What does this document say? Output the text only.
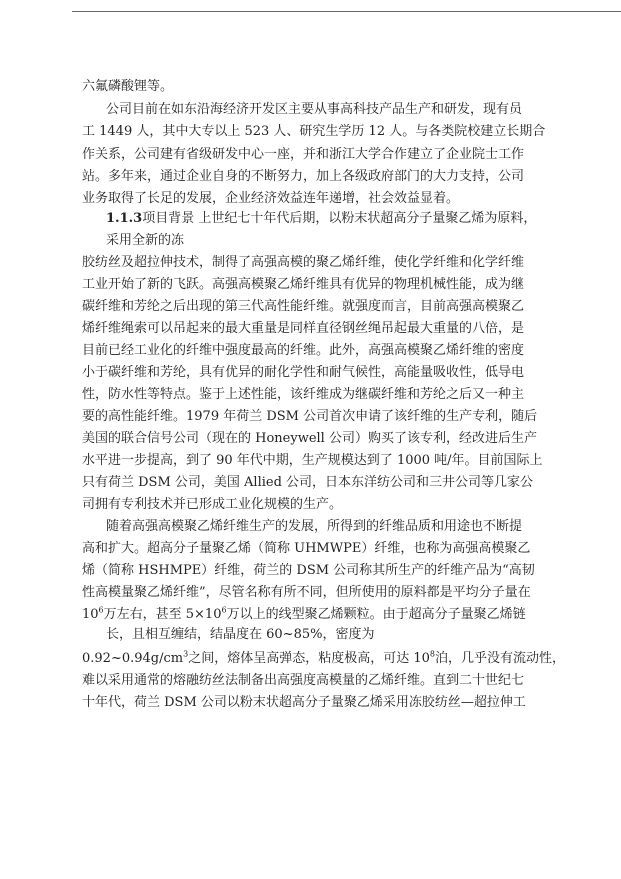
六氟磷酸锂等。
公司目前在如东沿海经济开发区主要从事高科技产品生产和研发，现有员
工 1449 人，其中大专以上 523 人、研究生学历 12 人。与各类院校建立长期合
作关系，公司建有省级研发中心一座，并和浙江大学合作建立了企业院士工作
站。多年来，通过企业自身的不断努力，加上各级政府部门的大力支持，公司
业务取得了长足的发展，企业经济效益连年递增，社会效益显着。
1.1.3项目背景 上世纪七十年代后期，以粉末状超高分子量聚乙烯为原料，
采用全新的冻
胶纺丝及超拉伸技术，制得了高强高模的聚乙烯纤维，使化学纤维和化学纤维
工业开始了新的飞跃。高强高模聚乙烯纤维具有优异的物理机械性能，成为继
碳纤维和芳纶之后出现的第三代高性能纤维。就强度而言，目前高强高模聚乙
烯纤维绳索可以吊起来的最大重量是同样直径钢丝绳吊起最大重量的八倍，是
目前已经工业化的纤维中强度最高的纤维。此外，高强高模聚乙烯纤维的密度
小于碳纤维和芳纶，具有优异的耐化学性和耐气候性，高能量吸收性，低导电
性，防水性等特点。鉴于上述性能，该纤维成为继碳纤维和芳纶之后又一种主
要的高性能纤维。1979 年荷兰 DSM 公司首次申请了该纤维的生产专利，随后
美国的联合信号公司（现在的 Honeywell 公司）购买了该专利，经改进后生产
水平进一步提高，到了 90 年代中期，生产规模达到了 1000 吨/年。目前国际上
只有荷兰 DSM 公司，美国 Allied 公司，日本东洋纺公司和三井公司等几家公
司拥有专利技术并已形成工业化规模的生产。
随着高强高模聚乙烯纤维生产的发展，所得到的纤维品质和用途也不断提
高和扩大。超高分子量聚乙烯（简称 UHMWPE）纤维，也称为高强高模聚乙
烯（简称 HSHMPE）纤维，荷兰的 DSM 公司称其所生产的纤维产品为“高韧
性高模量聚乙烯纤维”，尽管名称有所不同，但所使用的原料都是平均分子量在
$10^6$万左右，甚至 $5\times 10^6$万以上的线型聚乙烯颗粒。由于超高分子量聚乙烯链
长，且相互缠结，结晶度在 60~85%，密度为
$0.92\sim 0.94g/cm^3$之间，熔体呈高弹态，粘度极高，可达 $10^8$泊，几乎没有流动性，
难以采用通常的熔融纺丝法制备出高强度高模量的乙烯纤维。直到二十世纪七
十年代，荷兰 DSM 公司以粉末状超高分子量聚乙烯采用冻胶纺丝—超拉伸工
